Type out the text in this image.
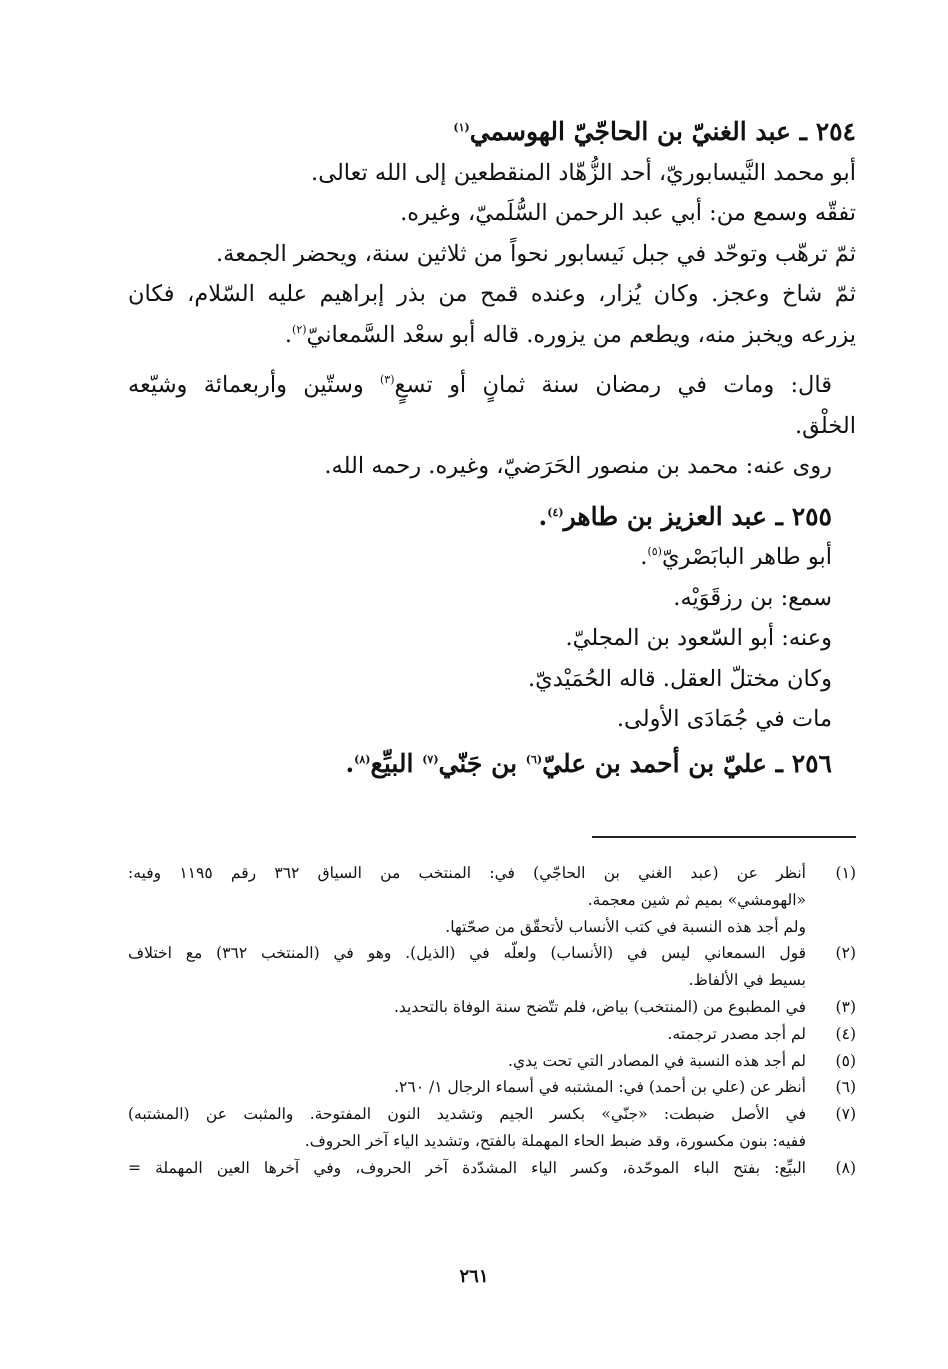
٢٥٤ ـ عبد الغنيّ بن الحاجّيّ الهوسمي$^{(١)}$
أبو محمد النَّيسابوريّ، أحد الزُّهّاد المنقطعين إلى الله تعالى.
تفقّه وسمع من: أبي عبد الرحمن السُّلَميّ، وغيره.
ثمّ ترهّب وتوحّد في جبل نَيسابور نحواً من ثلاثين سنة، ويحضر الجمعة.
ثمّ شاخ وعجز. وكان يُزار، وعنده قمح من بذر إبراهيم عليه السّلام، فكان
يزرعه ويخبز منه، ويطعم من يزوره. قاله أبو سعْد السَّمعانيّ$^{(٢)}$.
قال: ومات في رمضان سنة ثمانٍ أو تسعٍ$^{(٣)}$ وستّين وأربعمائة وشيّعه
الخلْق.
روى عنه: محمد بن منصور الحَرَضيّ، وغيره. رحمه الله.
٢٥٥ ـ عبد العزيز بن طاهر$^{(٤)}$.
أبو طاهر البابَصْريّ$^{(٥)}$.
سمع: بن رزقَوَيْه.
وعنه: أبو السّعود بن المجليّ.
وكان مختلّ العقل. قاله الحُمَيْديّ.
مات في جُمَادَى الأولى.
٢٥٦ ـ عليّ بن أحمد بن عليّ$^{(٦)}$ بن جَنّي$^{(٧)}$ البيِّع$^{(٨)}$.
(١)
أنظر عن (عبد الغني بن الحاجّي) في: المنتخب من السياق ٣٦٢ رقم ١١٩٥ وفيه:
«الهومشي» بميم ثم شين معجمة.
ولم أجد هذه النسبة في كتب الأنساب لأتحقّق من صحّتها.
(٢)
قول السمعاني ليس في (الأنساب) ولعلّه في (الذيل). وهو في (المنتخب ٣٦٢) مع اختلاف
بسيط في الألفاظ.
(٣)
في المطبوع من (المنتخب) بياض، فلم تتّضح سنة الوفاة بالتحديد.
(٤)
لم أجد مصدر ترجمته.
(٥)
لم أجد هذه النسبة في المصادر التي تحت يدي.
(٦)
أنظر عن (علي بن أحمد) في: المشتبه في أسماء الرجال ١/ ٢٦٠.
(٧)
في الأصل ضبطت: «جنّي» بكسر الجيم وتشديد النون المفتوحة. والمثبت عن (المشتبه)
ففيه: بنون مكسورة، وقد ضبط الحاء المهملة بالفتح، وتشديد الياء آخر الحروف.
(٨)
البيِّع: بفتح الباء الموحّدة، وكسر الياء المشدّدة آخر الحروف، وفي آخرها العين المهملة =
٢٦١
